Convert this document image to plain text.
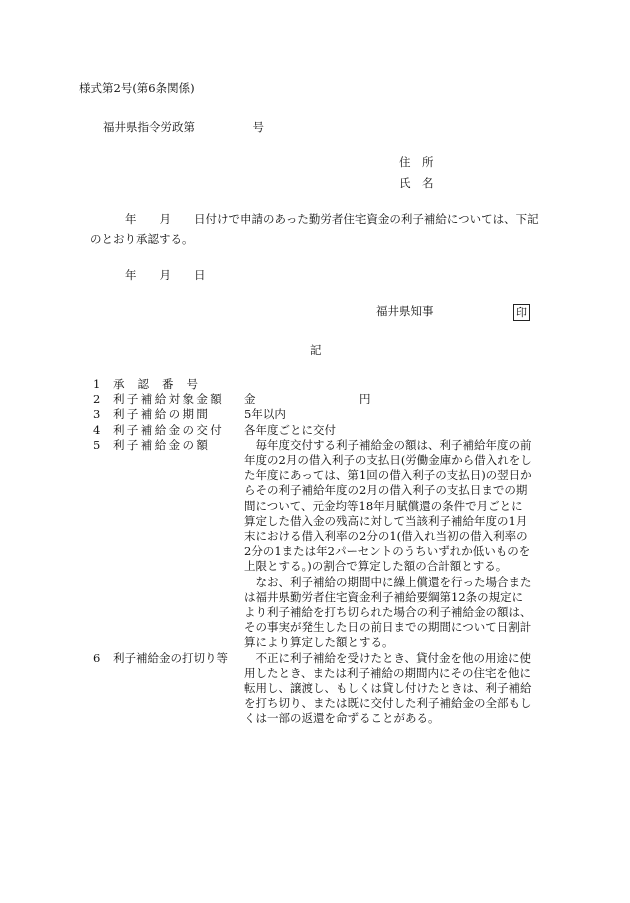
様式第2号(第6条関係)
福井県指令労政第　　　　　号
住　所
氏　名
年　　月　　日付けで申請のあった勤労者住宅資金の利子補給については、下記
のとおり承認する。
年　　月　　日
福井県知事	印
記
1	承認番号
2	利子補給対象金額	金　　　　　　　　　円

3	利子補給の期間	5年以内

4	利子補給金の交付	各年度ごとに交付

5	利子補給金の額	毎年度交付する利子補給金の額は、利子補給年度の前年度の2月の借入利子の支払日(労働金庫から借入れをした年度にあっては、第1回の借入利子の支払日)の翌日からその利子補給年度の2月の借入利子の支払日までの期間について、元金均等18年月賦償還の条件で月ごとに算定した借入金の残高に対して当該利子補給年度の1月末における借入利率の2分の1(借入れ当初の借入利率の2分の1または年2パーセントのうちいずれか低いものを上限とする。)の割合で算定した額の合計額とする。

なお、利子補給の期間中に繰上償還を行った場合または福井県勤労者住宅資金利子補給要綱第12条の規定により利子補給を打ち切られた場合の利子補給金の額は、その事実が発生した日の前日までの期間について日割計算により算定した額とする。

6	利子補給金の打切り等	不正に利子補給を受けたとき、貸付金を他の用途に使用したとき、または利子補給の期間内にその住宅を他に転用し、譲渡し、もしくは貸し付けたときは、利子補給を打ち切り、または既に交付した利子補給金の全部もしくは一部の返還を命ずることがある。
